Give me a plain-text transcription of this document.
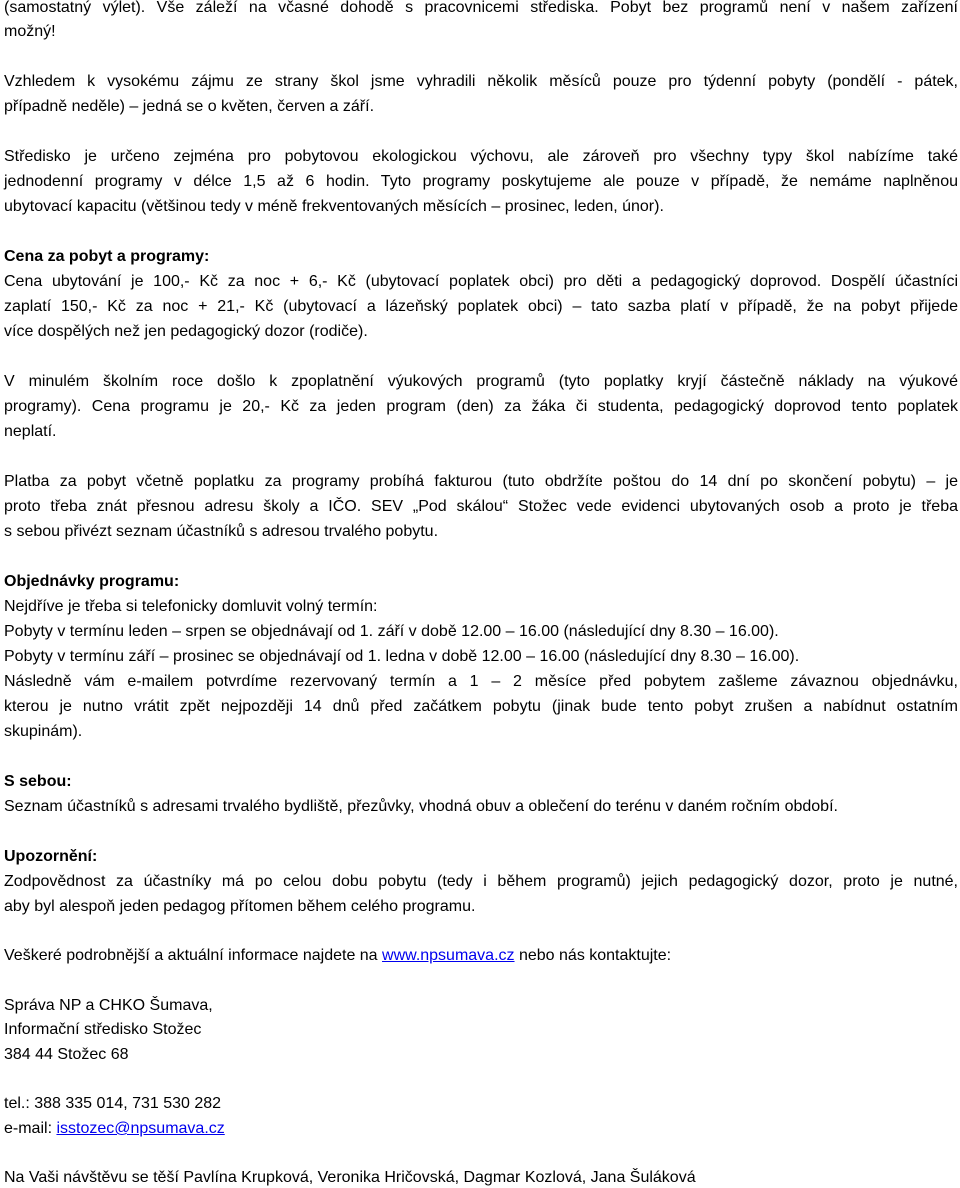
(samostatný výlet). Vše záleží na včasné dohodě s pracovnicemi střediska. Pobyt bez programů není v našem zařízení
možný!
Vzhledem k vysokému zájmu ze strany škol jsme vyhradili několik měsíců pouze pro týdenní pobyty (pondělí - pátek,
případně neděle) – jedná se o květen, červen a září.
Středisko je určeno zejména pro pobytovou ekologickou výchovu, ale zároveň pro všechny typy škol nabízíme také
jednodenní programy v délce 1,5 až 6 hodin. Tyto programy poskytujeme ale pouze v případě, že nemáme naplněnou
ubytovací kapacitu (většinou tedy v méně frekventovaných měsících – prosinec, leden, únor).
Cena za pobyt a programy:
Cena ubytování je 100,- Kč za noc + 6,- Kč (ubytovací poplatek obci) pro děti a pedagogický doprovod. Dospělí účastníci
zaplatí 150,- Kč za noc + 21,- Kč (ubytovací a lázeňský poplatek obci) – tato sazba platí v případě, že na pobyt přijede
více dospělých než jen pedagogický dozor (rodiče).
V minulém školním roce došlo k zpoplatnění výukových programů (tyto poplatky kryjí částečně náklady na výukové
programy). Cena programu je 20,- Kč za jeden program (den) za žáka či studenta, pedagogický doprovod tento poplatek
neplatí.
Platba za pobyt včetně poplatku za programy probíhá fakturou (tuto obdržíte poštou do 14 dní po skončení pobytu) – je
proto třeba znát přesnou adresu školy a IČO. SEV „Pod skálou“ Stožec vede evidenci ubytovaných osob a proto je třeba
s sebou přivézt seznam účastníků s adresou trvalého pobytu.
Objednávky programu:
Nejdříve je třeba si telefonicky domluvit volný termín:
Pobyty v termínu leden – srpen se objednávají od 1. září v době 12.00 – 16.00 (následující dny 8.30 – 16.00).
Pobyty v termínu září – prosinec se objednávají od 1. ledna v době 12.00 – 16.00 (následující dny 8.30 – 16.00).
Následně vám e-mailem potvrdíme rezervovaný termín a 1 – 2 měsíce před pobytem zašleme závaznou objednávku,
kterou je nutno vrátit zpět nejpozději 14 dnů před začátkem pobytu (jinak bude tento pobyt zrušen a nabídnut ostatním
skupinám).
S sebou:
Seznam účastníků s adresami trvalého bydliště, přezůvky, vhodná obuv a oblečení do terénu v daném ročním období.
Upozornění:
Zodpovědnost za účastníky má po celou dobu pobytu (tedy i během programů) jejich pedagogický dozor, proto je nutné,
aby byl alespoň jeden pedagog přítomen během celého programu.
Veškeré podrobnější a aktuální informace najdete na www.npsumava.cz nebo nás kontaktujte:
Správa NP a CHKO Šumava,
Informační středisko Stožec
384 44 Stožec 68
tel.: 388 335 014, 731 530 282
e-mail: isstozec@npsumava.cz
Na Vaši návštěvu se těší Pavlína Krupková, Veronika Hričovská, Dagmar Kozlová, Jana Šuláková
